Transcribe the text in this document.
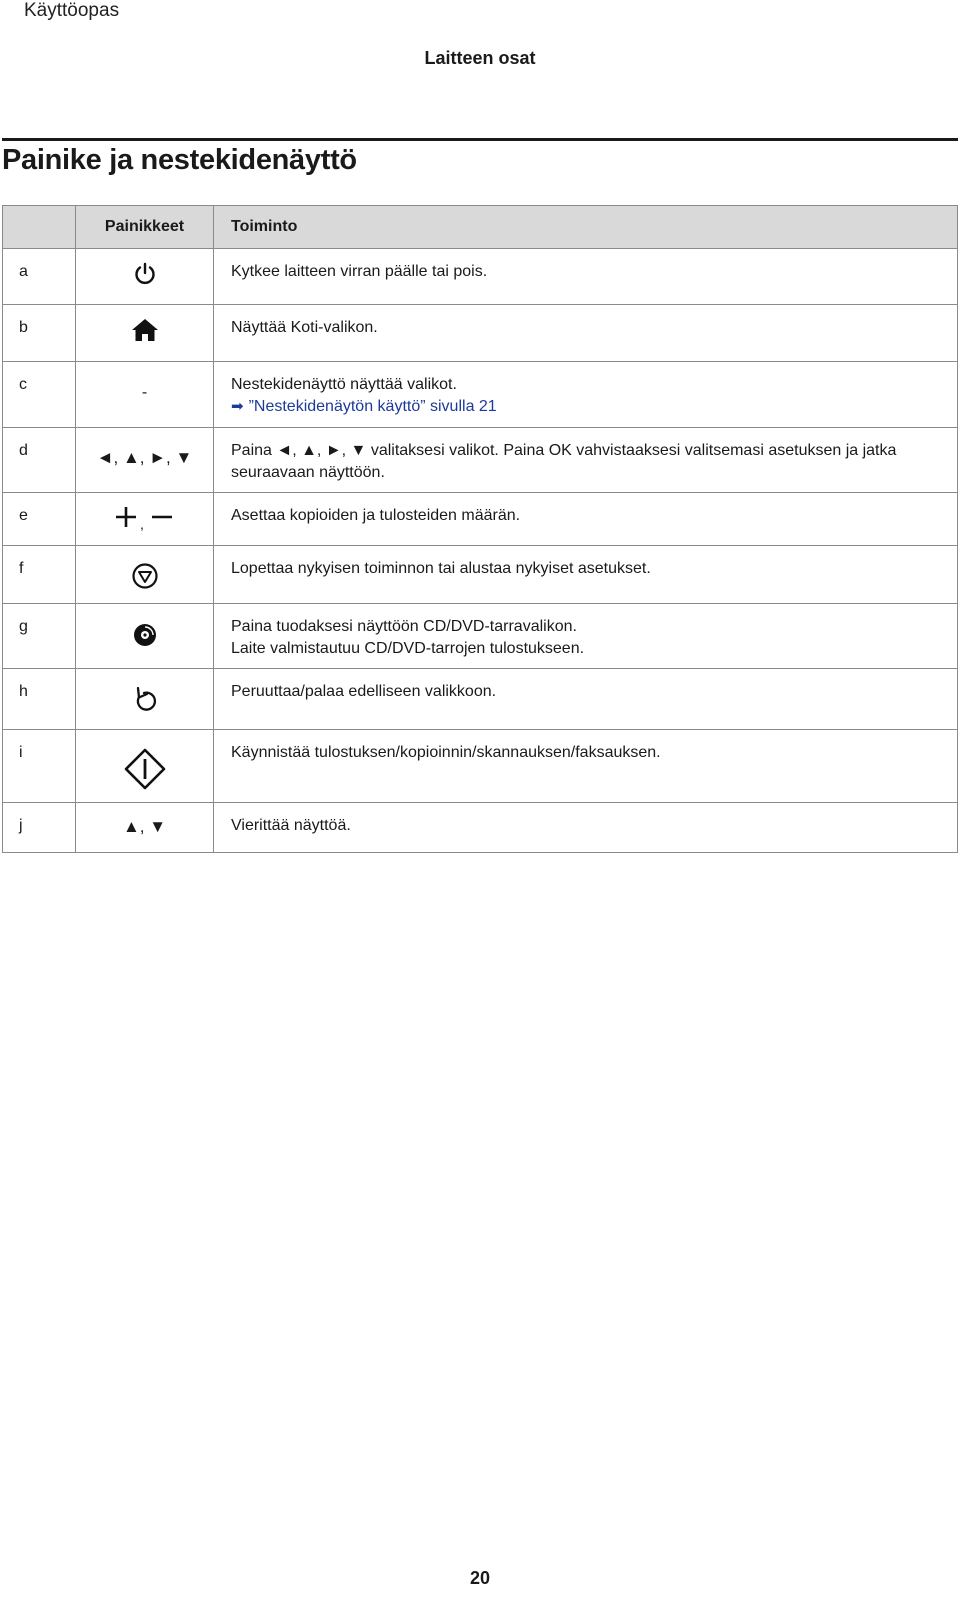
Käyttöopas
Laitteen osat
Painike ja nestekidenäyttö
	Painikkeet	Toiminto
a		Kytkee laitteen virran päälle tai pois.

b		Näyttää Koti-valikon.

c	-	Nestekidenäyttö näyttää valikot.
➡ ”Nestekidenäytön käyttö” sivulla 21

d	◄, ▲, ►, ▼	Paina ◄, ▲, ►, ▼ valitaksesi valikot. Paina OK vahvistaaksesi valitsemasi asetuksen ja jatka seuraavaan näyttöön.

e	,	Asettaa kopioiden ja tulosteiden määrän.

f		Lopettaa nykyisen toiminnon tai alustaa nykyiset asetukset.

g		Paina tuodaksesi näyttöön CD/DVD-tarravalikon.
Laite valmistautuu CD/DVD-tarrojen tulostukseen.

h		Peruuttaa/palaa edelliseen valikkoon.

i		Käynnistää tulostuksen/kopioinnin/skannauksen/faksauksen.

j	▲, ▼	Vierittää näyttöä.
20
